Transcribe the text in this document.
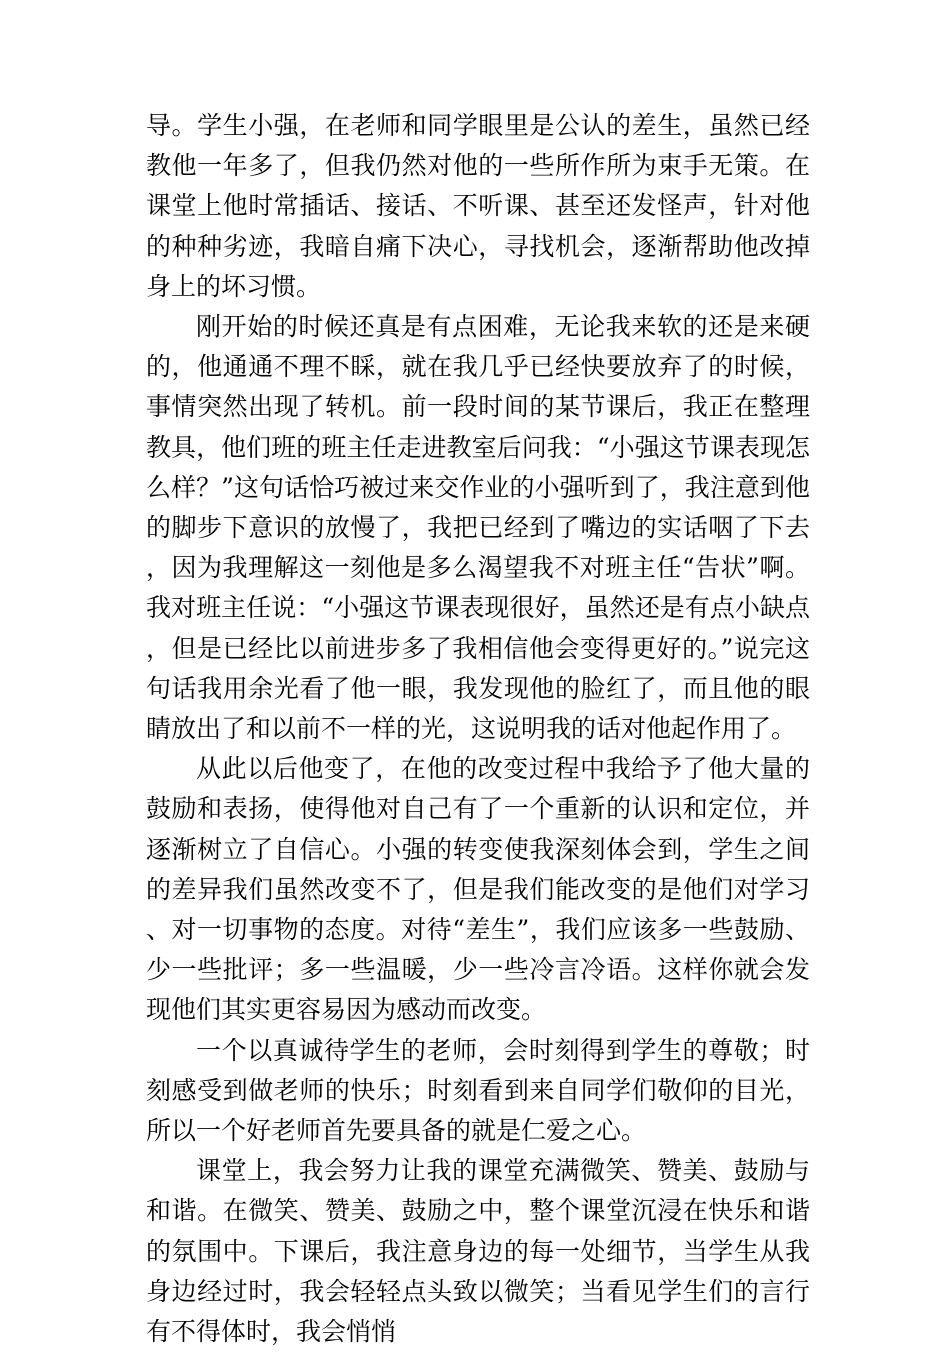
导。学生小强，在老师和同学眼里是公认的差生，虽然已经教他一年多了，但我仍然对他的一些所作所为束手无策。在课堂上他时常插话、接话、不听课、甚至还发怪声，针对他的种种劣迹，我暗自痛下决心，寻找机会，逐渐帮助他改掉身上的坏习惯。

刚开始的时候还真是有点困难，无论我来软的还是来硬的，他通通不理不睬，就在我几乎已经快要放弃了的时候，事情突然出现了转机。前一段时间的某节课后，我正在整理教具，他们班的班主任走进教室后问我：“小强这节课表现怎么样？”这句话恰巧被过来交作业的小强听到了，我注意到他的脚步下意识的放慢了，我把已经到了嘴边的实话咽了下去，因为我理解这一刻他是多么渴望我不对班主任“告状”啊。我对班主任说：“小强这节课表现很好，虽然还是有点小缺点，但是已经比以前进步多了我相信他会变得更好的。”说完这句话我用余光看了他一眼，我发现他的脸红了，而且他的眼睛放出了和以前不一样的光，这说明我的话对他起作用了。

从此以后他变了，在他的改变过程中我给予了他大量的鼓励和表扬，使得他对自己有了一个重新的认识和定位，并逐渐树立了自信心。小强的转变使我深刻体会到，学生之间的差异我们虽然改变不了，但是我们能改变的是他们对学习、对一切事物的态度。对待“差生”，我们应该多一些鼓励、少一些批评；多一些温暖，少一些冷言冷语。这样你就会发现他们其实更容易因为感动而改变。

一个以真诚待学生的老师，会时刻得到学生的尊敬；时刻感受到做老师的快乐；时刻看到来自同学们敬仰的目光，所以一个好老师首先要具备的就是仁爱之心。

课堂上，我会努力让我的课堂充满微笑、赞美、鼓励与和谐。在微笑、赞美、鼓励之中，整个课堂沉浸在快乐和谐的氛围中。下课后，我注意身边的每一处细节，当学生从我身边经过时，我会轻轻点头致以微笑；当看见学生们的言行有不得体时，我会悄悄
